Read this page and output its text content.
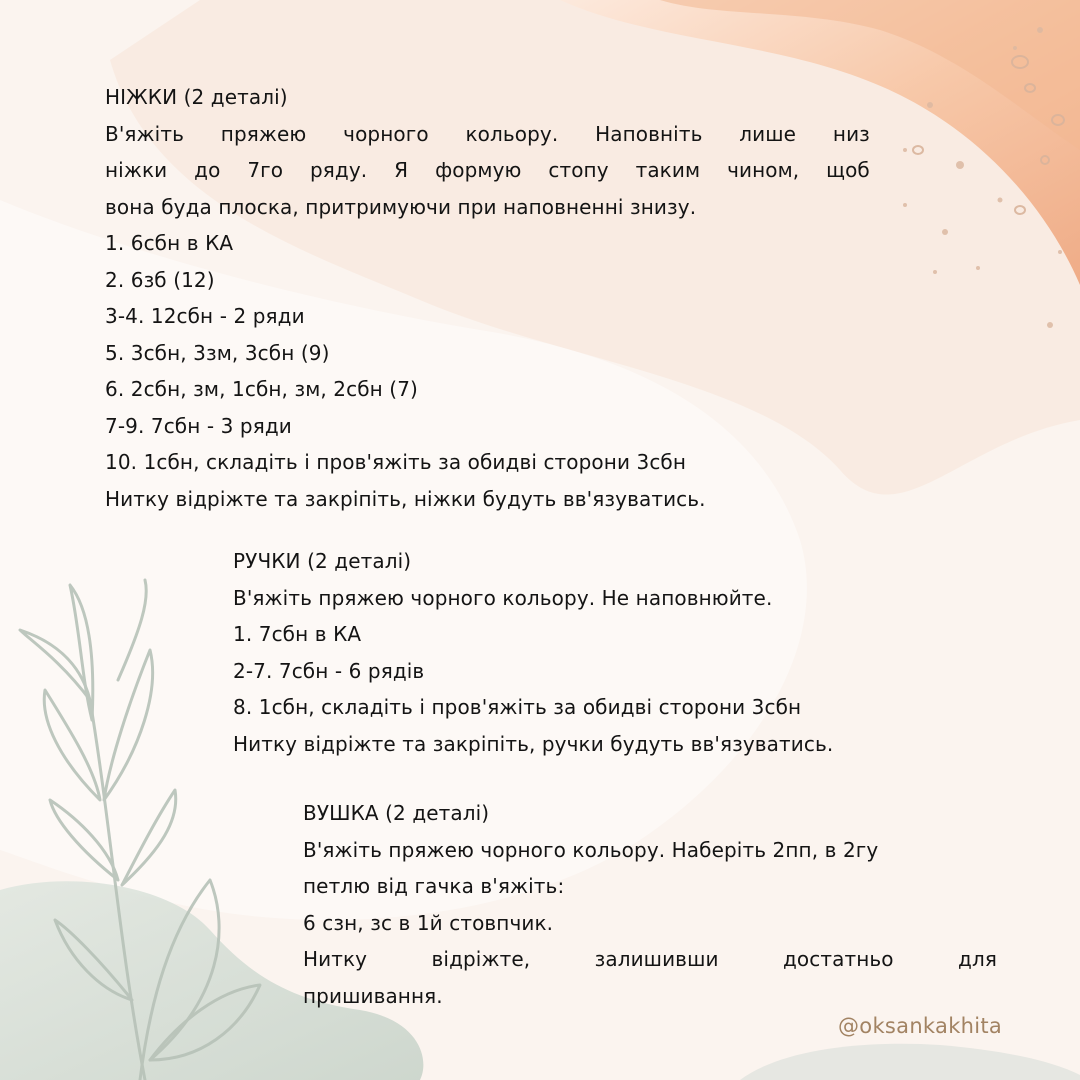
НІЖКИ (2 деталі)
В'яжіть пряжею чорного кольору. Наповніть лише низ
ніжки до 7го ряду. Я формую стопу таким чином, щоб
вона буда плоска, притримуючи при наповненні знизу.
1. 6сбн в КА
2. 6зб (12)
3-4. 12сбн - 2 ряди
5. 3сбн, 3зм, 3сбн (9)
6. 2сбн, зм, 1сбн, зм, 2сбн (7)
7-9. 7сбн - 3 ряди
10. 1сбн, складіть і пров'яжіть за обидві сторони 3сбн
Нитку відріжте та закріпіть, ніжки будуть вв'язуватись.
РУЧКИ (2 деталі)
В'яжіть пряжею чорного кольору. Не наповнюйте.
1. 7сбн в КА
2-7. 7сбн - 6 рядів
8. 1сбн, складіть і пров'яжіть за обидві сторони 3сбн
Нитку відріжте та закріпіть, ручки будуть вв'язуватись.
ВУШКА (2 деталі)
В'яжіть пряжею чорного кольору. Наберіть 2пп, в 2гу
петлю від гачка в'яжіть:
6 сзн, зс в 1й стовпчик.
Нитку	відріжте,	залишивши	достатньо	для
пришивання.
@oksankakhita
